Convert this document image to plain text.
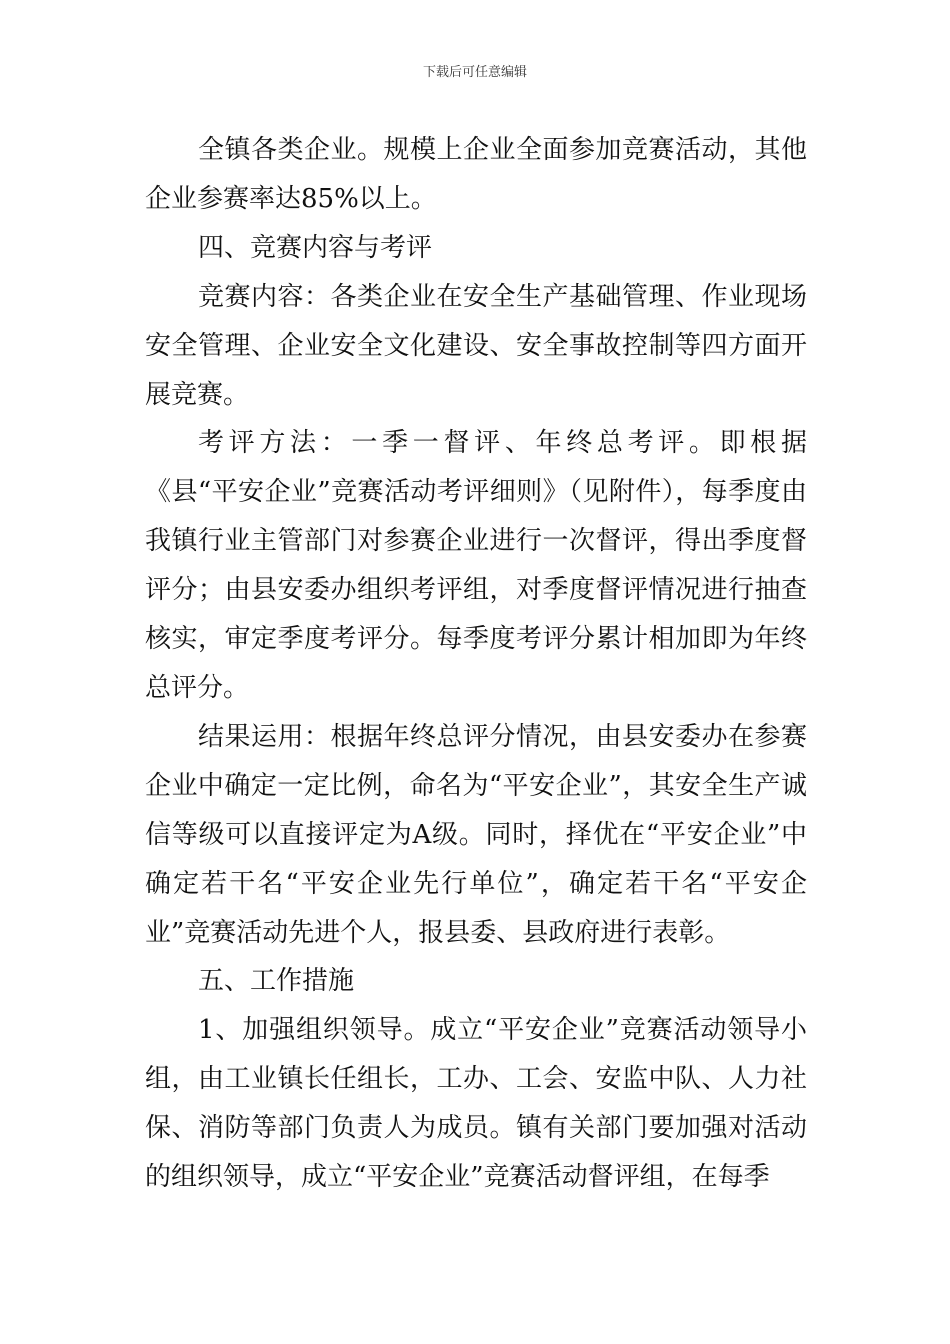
下载后可任意编辑

全镇各类企业。规模上企业全面参加竞赛活动，其他企业参赛率达85%以上。

四、竞赛内容与考评

竞赛内容：各类企业在安全生产基础管理、作业现场安全管理、企业安全文化建设、安全事故控制等四方面开展竞赛。

考评方法：一季一督评、年终总考评。即根据《县“平安企业”竞赛活动考评细则》（见附件），每季度由我镇行业主管部门对参赛企业进行一次督评，得出季度督评分；由县安委办组织考评组，对季度督评情况进行抽查核实，审定季度考评分。每季度考评分累计相加即为年终总评分。

结果运用：根据年终总评分情况，由县安委办在参赛企业中确定一定比例，命名为“平安企业”，其安全生产诚信等级可以直接评定为A级。同时，择优在“平安企业”中确定若干名“平安企业先行单位”，确定若干名“平安企业”竞赛活动先进个人，报县委、县政府进行表彰。

五、工作措施

1、加强组织领导。成立“平安企业”竞赛活动领导小组，由工业镇长任组长，工办、工会、安监中队、人力社保、消防等部门负责人为成员。镇有关部门要加强对活动的组织领导，成立“平安企业”竞赛活动督评组，在每季
